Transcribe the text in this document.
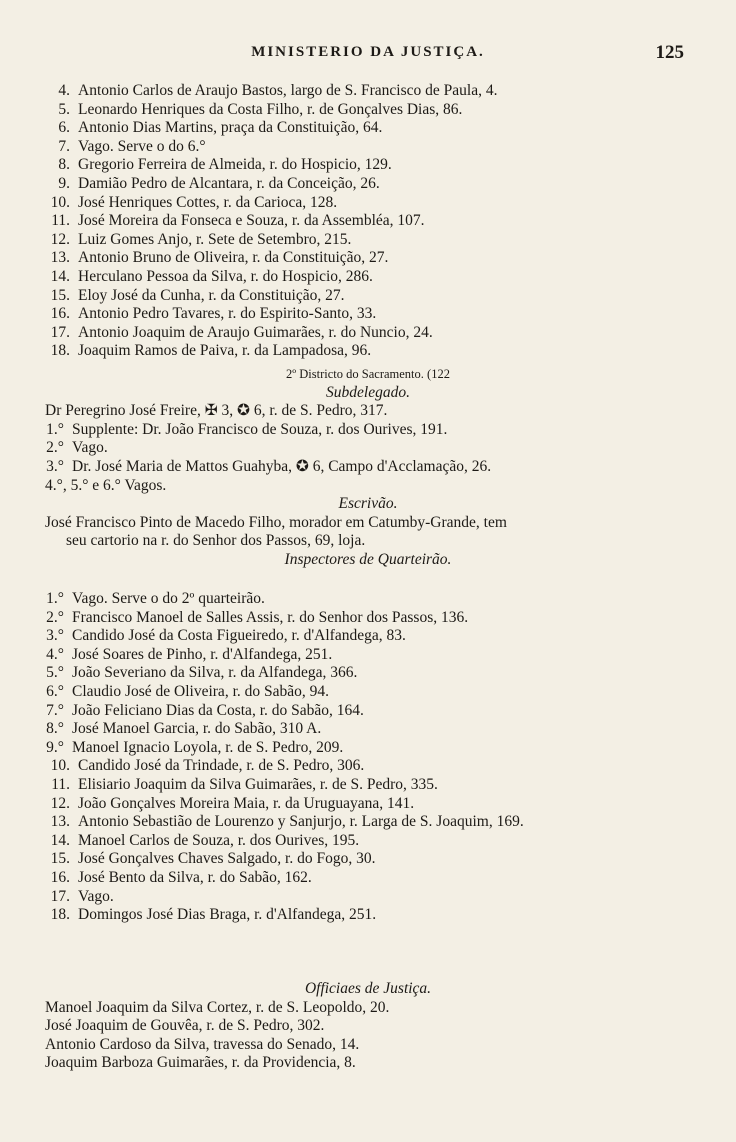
MINISTERIO DA JUSTIÇA.	125
4. Antonio Carlos de Araujo Bastos, largo de S. Francisco de Paula, 4.
5. Leonardo Henriques da Costa Filho, r. de Gonçalves Dias, 86.
6. Antonio Dias Martins, praça da Constituição, 64.
7. Vago. Serve o do 6.°
8. Gregorio Ferreira de Almeida, r. do Hospicio, 129.
9. Damião Pedro de Alcantara, r. da Conceição, 26.
10. José Henriques Cottes, r. da Carioca, 128.
11. José Moreira da Fonseca e Souza, r. da Assembléa, 107.
12. Luiz Gomes Anjo, r. Sete de Setembro, 215.
13. Antonio Bruno de Oliveira, r. da Constituição, 27.
14. Herculano Pessoa da Silva, r. do Hospicio, 286.
15. Eloy José da Cunha, r. da Constituição, 27.
16. Antonio Pedro Tavares, r. do Espirito-Santo, 33.
17. Antonio Joaquim de Araujo Guimarães, r. do Nuncio, 24.
18. Joaquim Ramos de Paiva, r. da Lampadosa, 96.
2º Districto do Sacramento. (122
Subdelegado.
Dr Peregrino José Freire, ✠ 3, ✪ 6, r. de S. Pedro, 317.
1.° Supplente: Dr. João Francisco de Souza, r. dos Ourives, 191.
2.° Vago.
3.° Dr. José Maria de Mattos Guahyba, ✪ 6, Campo d'Acclamação, 26.
4.°, 5.° e 6.° Vagos.
Escrivão.
José Francisco Pinto de Macedo Filho, morador em Catumby-Grande, tem
seu cartorio na r. do Senhor dos Passos, 69, loja.
Inspectores de Quarteirão.
1.° Vago. Serve o do 2º quarteirão.
2.° Francisco Manoel de Salles Assis, r. do Senhor dos Passos, 136.
3.° Candido José da Costa Figueiredo, r. d'Alfandega, 83.
4.° José Soares de Pinho, r. d'Alfandega, 251.
5.° João Severiano da Silva, r. da Alfandega, 366.
6.° Claudio José de Oliveira, r. do Sabão, 94.
7.° João Feliciano Dias da Costa, r. do Sabão, 164.
8.° José Manoel Garcia, r. do Sabão, 310 A.
9.° Manoel Ignacio Loyola, r. de S. Pedro, 209.
10. Candido José da Trindade, r. de S. Pedro, 306.
11. Elisiario Joaquim da Silva Guimarães, r. de S. Pedro, 335.
12. João Gonçalves Moreira Maia, r. da Uruguayana, 141.
13. Antonio Sebastião de Lourenzo y Sanjurjo, r. Larga de S. Joaquim, 169.
14. Manoel Carlos de Souza, r. dos Ourives, 195.
15. José Gonçalves Chaves Salgado, r. do Fogo, 30.
16. José Bento da Silva, r. do Sabão, 162.
17. Vago.
18. Domingos José Dias Braga, r. d'Alfandega, 251.
Officiaes de Justiça.
Manoel Joaquim da Silva Cortez, r. de S. Leopoldo, 20.
José Joaquim de Gouvêa, r. de S. Pedro, 302.
Antonio Cardoso da Silva, travessa do Senado, 14.
Joaquim Barboza Guimarães, r. da Providencia, 8.
